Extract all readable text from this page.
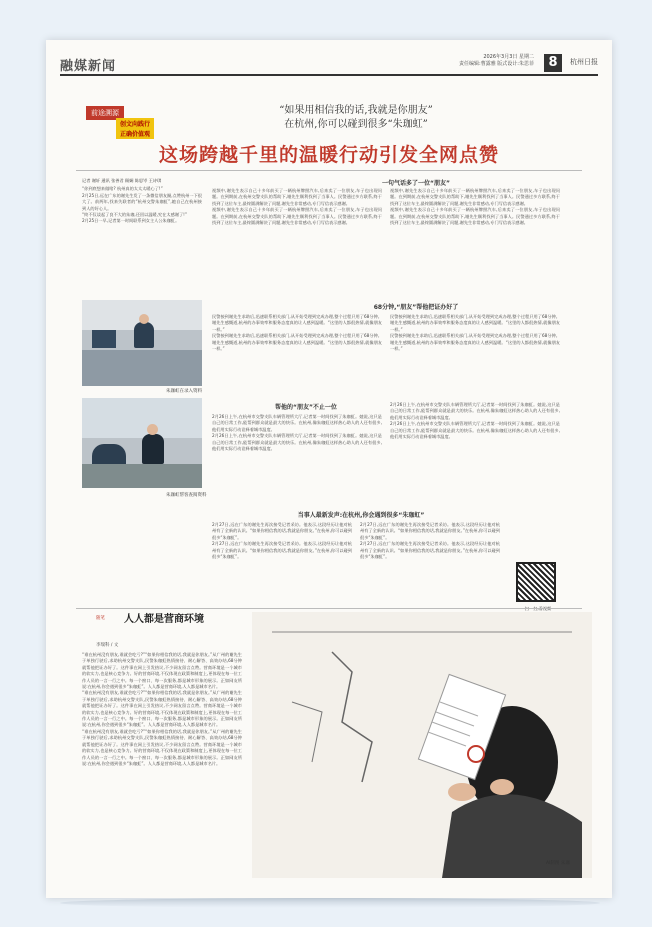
融媒新闻
2026年3月3日 星期二
责任编辑:曹露雅 版式设计:朱思菲	8	杭州日报
前途溯源
创文向践行
正确价值观
“如果用相信我的话,我就是你朋友”
在杭州,你可以碰到很多“朱珈虹”
这场跨越千里的温暖行动引发全网点赞
记者 谢轩 通讯 张善君 顾娴 陈思岑 王诗琪

“你到底想来做啥? 杭州真的太太太暖心了!”

2月25日,远在广东的谢先生发了一条微信朋友圈,点赞杭州一下很大了。前两年,找来失联者的“杭州交警朱珈虹”,她自己在杭州接到人的好心人。

“终不仅谈起了良不大的朱珈,还回以温暖,究在太感谢了!”

2月25日一早,记者第一时间联系到女主人公朱珈虹。

朱珈虹在录入资料
朱珈虹帮客查阅资料
一句气话多了一位“朋友”

视频中,谢先生表示自己十多年前买了一辆杭州牌照汽车,后来卖了一位朋友,车子也出现问题。在到期前,在杭州交警支队的帮助下,谢先生顺利找到了当事人。民警通过多方联系,终于找到了这位车主,最终圆满解决了问题,谢先生非常感动,专门写信表示感谢。

视频中,谢先生表示自己十多年前买了一辆杭州牌照汽车,后来卖了一位朋友,车子也出现问题。在到期前,在杭州交警支队的帮助下,谢先生顺利找到了当事人。民警通过多方联系,终于找到了这位车主,最终圆满解决了问题,谢先生非常感动,专门写信表示感谢。

视频中,谢先生表示自己十多年前买了一辆杭州牌照汽车,后来卖了一位朋友,车子也出现问题。在到期前,在杭州交警支队的帮助下,谢先生顺利找到了当事人。民警通过多方联系,终于找到了这位车主,最终圆满解决了问题,谢先生非常感动,专门写信表示感谢。

视频中,谢先生表示自己十多年前买了一辆杭州牌照汽车,后来卖了一位朋友,车子也出现问题。在到期前,在杭州交警支队的帮助下,谢先生顺利找到了当事人。民警通过多方联系,终于找到了这位车主,最终圆满解决了问题,谢先生非常感动,专门写信表示感谢。

68分钟,“朋友”帮他把证办好了

民警接到谢先生求助后,迅速联系相关部门,从开始受理到完成办理,整个过程只用了68分钟。谢先生感慨道,杭州的办事效率和服务态度真的让人感到温暖。“这里的人都很热情,就像朋友一样。”

民警接到谢先生求助后,迅速联系相关部门,从开始受理到完成办理,整个过程只用了68分钟。谢先生感慨道,杭州的办事效率和服务态度真的让人感到温暖。“这里的人都很热情,就像朋友一样。”

民警接到谢先生求助后,迅速联系相关部门,从开始受理到完成办理,整个过程只用了68分钟。谢先生感慨道,杭州的办事效率和服务态度真的让人感到温暖。“这里的人都很热情,就像朋友一样。”

民警接到谢先生求助后,迅速联系相关部门,从开始受理到完成办理,整个过程只用了68分钟。谢先生感慨道,杭州的办事效率和服务态度真的让人感到温暖。“这里的人都很热情,就像朋友一样。”

帮他的“朋友”不止一位

2月26日上午,在杭州市交警支队车辆管理所大厅,记者第一时间找到了朱珈虹。她说,这只是自己的日常工作,能帮到群众就是最大的快乐。在杭州,像朱珈虹这样热心助人的人还有很多,他们用实际行动诠释着城市温度。

2月26日上午,在杭州市交警支队车辆管理所大厅,记者第一时间找到了朱珈虹。她说,这只是自己的日常工作,能帮到群众就是最大的快乐。在杭州,像朱珈虹这样热心助人的人还有很多,他们用实际行动诠释着城市温度。

2月26日上午,在杭州市交警支队车辆管理所大厅,记者第一时间找到了朱珈虹。她说,这只是自己的日常工作,能帮到群众就是最大的快乐。在杭州,像朱珈虹这样热心助人的人还有很多,他们用实际行动诠释着城市温度。

2月26日上午,在杭州市交警支队车辆管理所大厅,记者第一时间找到了朱珈虹。她说,这只是自己的日常工作,能帮到群众就是最大的快乐。在杭州,像朱珈虹这样热心助人的人还有很多,他们用实际行动诠释着城市温度。

当事人最新发声:在杭州,你会遇到很多“朱珈虹”

2月27日,远在广东的谢先生再次接受记者采访。他表示,这段经历让他对杭州有了全新的认识。“如果你相信我的话,我就是你朋友。”在杭州,你可以碰到很多“朱珈虹”。

2月27日,远在广东的谢先生再次接受记者采访。他表示,这段经历让他对杭州有了全新的认识。“如果你相信我的话,我就是你朋友。”在杭州,你可以碰到很多“朱珈虹”。

2月27日,远在广东的谢先生再次接受记者采访。他表示,这段经历让他对杭州有了全新的认识。“如果你相信我的话,我就是你朋友。”在杭州,你可以碰到很多“朱珈虹”。

2月27日,远在广东的谢先生再次接受记者采访。他表示,这段经历让他对杭州有了全新的认识。“如果你相信我的话,我就是你朋友。”在杭州,你可以碰到很多“朱珈虹”。

随笔 人人都是营商环境
李瑞科 / 文

“谁在杭州没有朋友,谁就会吃亏?”“如果你相信我的话,我就是你朋友。”从广州的谢先生于单独行驶后,求助杭州交警支队,民警朱珈虹热情接待、耐心解答、高效办结,68分钟就帮他把证办好了。这件事在网上引发热议,不少网友留言点赞。营商环境是一个城市的软实力,也是核心竞争力。好的营商环境,不仅体现在政策和制度上,更体现在每一位工作人员的一言一行之中。每一个窗口、每一次服务,都是城市形象的展示。正如网友所说:在杭州,你会遇到很多“朱珈虹”。人人都是营商环境,人人都是城市名片。

“谁在杭州没有朋友,谁就会吃亏?”“如果你相信我的话,我就是你朋友。”从广州的谢先生于单独行驶后,求助杭州交警支队,民警朱珈虹热情接待、耐心解答、高效办结,68分钟就帮他把证办好了。这件事在网上引发热议,不少网友留言点赞。营商环境是一个城市的软实力,也是核心竞争力。好的营商环境,不仅体现在政策和制度上,更体现在每一位工作人员的一言一行之中。每一个窗口、每一次服务,都是城市形象的展示。正如网友所说:在杭州,你会遇到很多“朱珈虹”。人人都是营商环境,人人都是城市名片。

“谁在杭州没有朋友,谁就会吃亏?”“如果你相信我的话,我就是你朋友。”从广州的谢先生于单独行驶后,求助杭州交警支队,民警朱珈虹热情接待、耐心解答、高效办结,68分钟就帮他把证办好了。这件事在网上引发热议,不少网友留言点赞。营商环境是一个城市的软实力,也是核心竞争力。好的营商环境,不仅体现在政策和制度上,更体现在每一位工作人员的一言一行之中。每一个窗口、每一次服务,都是城市形象的展示。正如网友所说:在杭州,你会遇到很多“朱珈虹”。人人都是营商环境,人人都是城市名片。

AI制图 朱珈
